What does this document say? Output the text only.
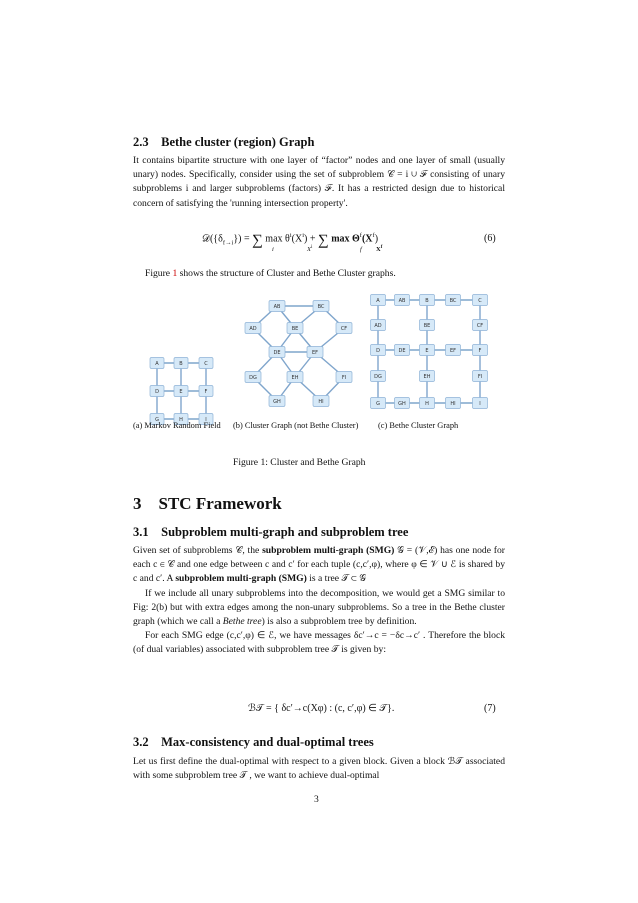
2.3 Bethe cluster (region) Graph

It contains bipartite structure with one layer of “factor” nodes and one layer of small (usually unary) nodes. Specifically, consider using the set of subproblem 𝒞 = i ∪ ℱ consisting of unary subproblems i and larger subproblems (factors) ℱ. It has a restricted design due to historical concern of satisfying the 'running intersection property'.

$𝒟(\{\delta_{f\to i}\})$ = ∑ $\max \theta^i(X^i)$ + ∑ $\max \Theta^f(X^f)$
i	$X^i$	f $X^f$
(6)
Figure 1 shows the structure of Cluster and Bethe Cluster graphs.
A	B	C
D	E	F
G	H	I
AB	BC
AD	BE	CF
DE	EF
DG	EH	FI
GH	HI
A	AB	B	BC	C
AD	BE	CF
D	DE	E	EF	F
DG	EH	FI
G	GH	H	HI	I
(a) Markov Random Field	(b) Cluster Graph (not Bethe Cluster)	(c) Bethe Cluster Graph
Figure 1: Cluster and Bethe Graph
3 STC Framework
3.1 Subproblem multi-graph and subproblem tree

Given set of subproblems 𝒞, the subproblem multi-graph (SMG) 𝒢 = (𝒱,ℰ) has one node for each c ∈ 𝒞 and one edge between c and c′ for each tuple (c,c′,φ), where φ ∈ 𝒱 ∪ ℰ is shared by c and c′. A subproblem multi-graph (SMG) is a tree 𝒯 ⊂ 𝒢

If we include all unary subproblems into the decomposition, we would get a SMG similar to Fig: 2(b) but with extra edges among the non-unary subproblems. So a tree in the Bethe cluster graph (which we call a Bethe tree) is also a subproblem tree by definition.

For each SMG edge (c,c′,φ) ∈ ℰ, we have messages δc′→c = −δc→c′ . Therefore the block (of dual variables) associated with subproblem tree 𝒯 is given by:

ℬ𝒯 = { δc′→c(Xφ) : (c, c′,φ) ∈ 𝒯}.	(7)
3.2 Max-consistency and dual-optimal trees

Let us first define the dual-optimal with respect to a given block. Given a block ℬ𝒯 associated with some subproblem tree 𝒯 , we want to achieve dual-optimal

3
